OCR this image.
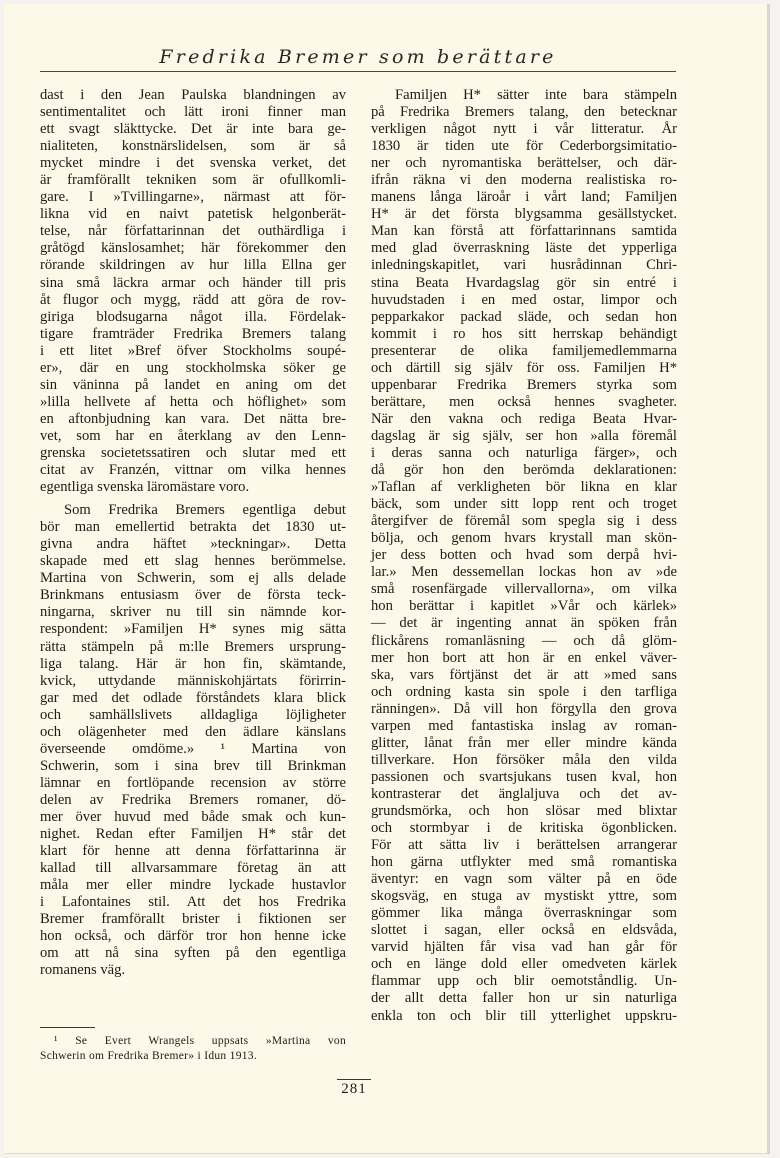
Fredrika Bremer som berättare
dast i den Jean Paulska blandningen av
sentimentalitet och lätt ironi finner man
ett svagt släkttycke. Det är inte bara ge-
nialiteten, konstnärslidelsen, som är så
mycket mindre i det svenska verket, det
är framförallt tekniken som är ofullkomli-
gare. I »Tvillingarne», närmast att för-
likna vid en naivt patetisk helgonberät-
telse, når författarinnan det outhärdliga i
gråtögd känslosamhet; här förekommer den
rörande skildringen av hur lilla Ellna ger
sina små läckra armar och händer till pris
åt flugor och mygg, rädd att göra de rov-
giriga blodsugarna något illa. Fördelak-
tigare framträder Fredrika Bremers talang
i ett litet »Bref öfver Stockholms soupé-
er», där en ung stockholmska söker ge
sin väninna på landet en aning om det
»lilla hellvete af hetta och höflighet» som
en aftonbjudning kan vara. Det nätta bre-
vet, som har en återklang av den Lenn-
grenska societetssatiren och slutar med ett
citat av Franzén, vittnar om vilka hennes
egentliga svenska läromästare voro.
Som Fredrika Bremers egentliga debut
bör man emellertid betrakta det 1830 ut-
givna andra häftet »teckningar». Detta
skapade med ett slag hennes berömmelse.
Martina von Schwerin, som ej alls delade
Brinkmans entusiasm över de första teck-
ningarna, skriver nu till sin nämnde kor-
respondent: »Familjen H* synes mig sätta
rätta stämpeln på m:lle Bremers ursprung-
liga talang. Här är hon fin, skämtande,
kvick, uttydande människohjärtats förirrin-
gar med det odlade förståndets klara blick
och samhällslivets alldagliga löjligheter
och olägenheter med den ädlare känslans
överseende omdöme.» ¹ Martina von
Schwerin, som i sina brev till Brinkman
lämnar en fortlöpande recension av större
delen av Fredrika Bremers romaner, dö-
mer över huvud med både smak och kun-
nighet. Redan efter Familjen H* står det
klart för henne att denna författarinna är
kallad till allvarsammare företag än att
måla mer eller mindre lyckade hustavlor
i Lafontaines stil. Att det hos Fredrika
Bremer framförallt brister i fiktionen ser
hon också, och därför tror hon henne icke
om att nå sina syften på den egentliga
romanens väg.
Familjen H* sätter inte bara stämpeln
på Fredrika Bremers talang, den betecknar
verkligen något nytt i vår litteratur. År
1830 är tiden ute för Cederborgsimitatio-
ner och nyromantiska berättelser, och där-
ifrån räkna vi den moderna realistiska ro-
manens långa läroår i vårt land; Familjen
H* är det första blygsamma gesällstycket.
Man kan förstå att författarinnans samtida
med glad överraskning läste det ypperliga
inledningskapitlet, vari husrådinnan Chri-
stina Beata Hvardagslag gör sin entré i
huvudstaden i en med ostar, limpor och
pepparkakor packad släde, och sedan hon
kommit i ro hos sitt herrskap behändigt
presenterar de olika familjemedlemmarna
och därtill sig själv för oss. Familjen H*
uppenbarar Fredrika Bremers styrka som
berättare, men också hennes svagheter.
När den vakna och rediga Beata Hvar-
dagslag är sig själv, ser hon »alla föremål
i deras sanna och naturliga färger», och
då gör hon den berömda deklarationen:
»Taflan af verkligheten bör likna en klar
bäck, som under sitt lopp rent och troget
återgifver de föremål som spegla sig i dess
bölja, och genom hvars krystall man skön-
jer dess botten och hvad som derpå hvi-
lar.» Men dessemellan lockas hon av »de
små rosenfärgade villervallorna», om vilka
hon berättar i kapitlet »Vår och kärlek»
— det är ingenting annat än spöken från
flickårens romanläsning — och då glöm-
mer hon bort att hon är en enkel väver-
ska, vars förtjänst det är att »med sans
och ordning kasta sin spole i den tarfliga
ränningen». Då vill hon förgylla den grova
varpen med fantastiska inslag av roman-
glitter, lånat från mer eller mindre kända
tillverkare. Hon försöker måla den vilda
passionen och svartsjukans tusen kval, hon
kontrasterar det änglaljuva och det av-
grundsmörka, och hon slösar med blixtar
och stormbyar i de kritiska ögonblicken.
För att sätta liv i berättelsen arrangerar
hon gärna utflykter med små romantiska
äventyr: en vagn som välter på en öde
skogsväg, en stuga av mystiskt yttre, som
gömmer lika många överraskningar som
slottet i sagan, eller också en eldsvåda,
varvid hjälten får visa vad han går för
och en länge dold eller omedveten kärlek
flammar upp och blir oemotståndlig. Un-
der allt detta faller hon ur sin naturliga
enkla ton och blir till ytterlighet uppskru-
¹ Se Evert Wrangels uppsats »Martina von
Schwerin om Fredrika Bremer» i Idun 1913.
281
